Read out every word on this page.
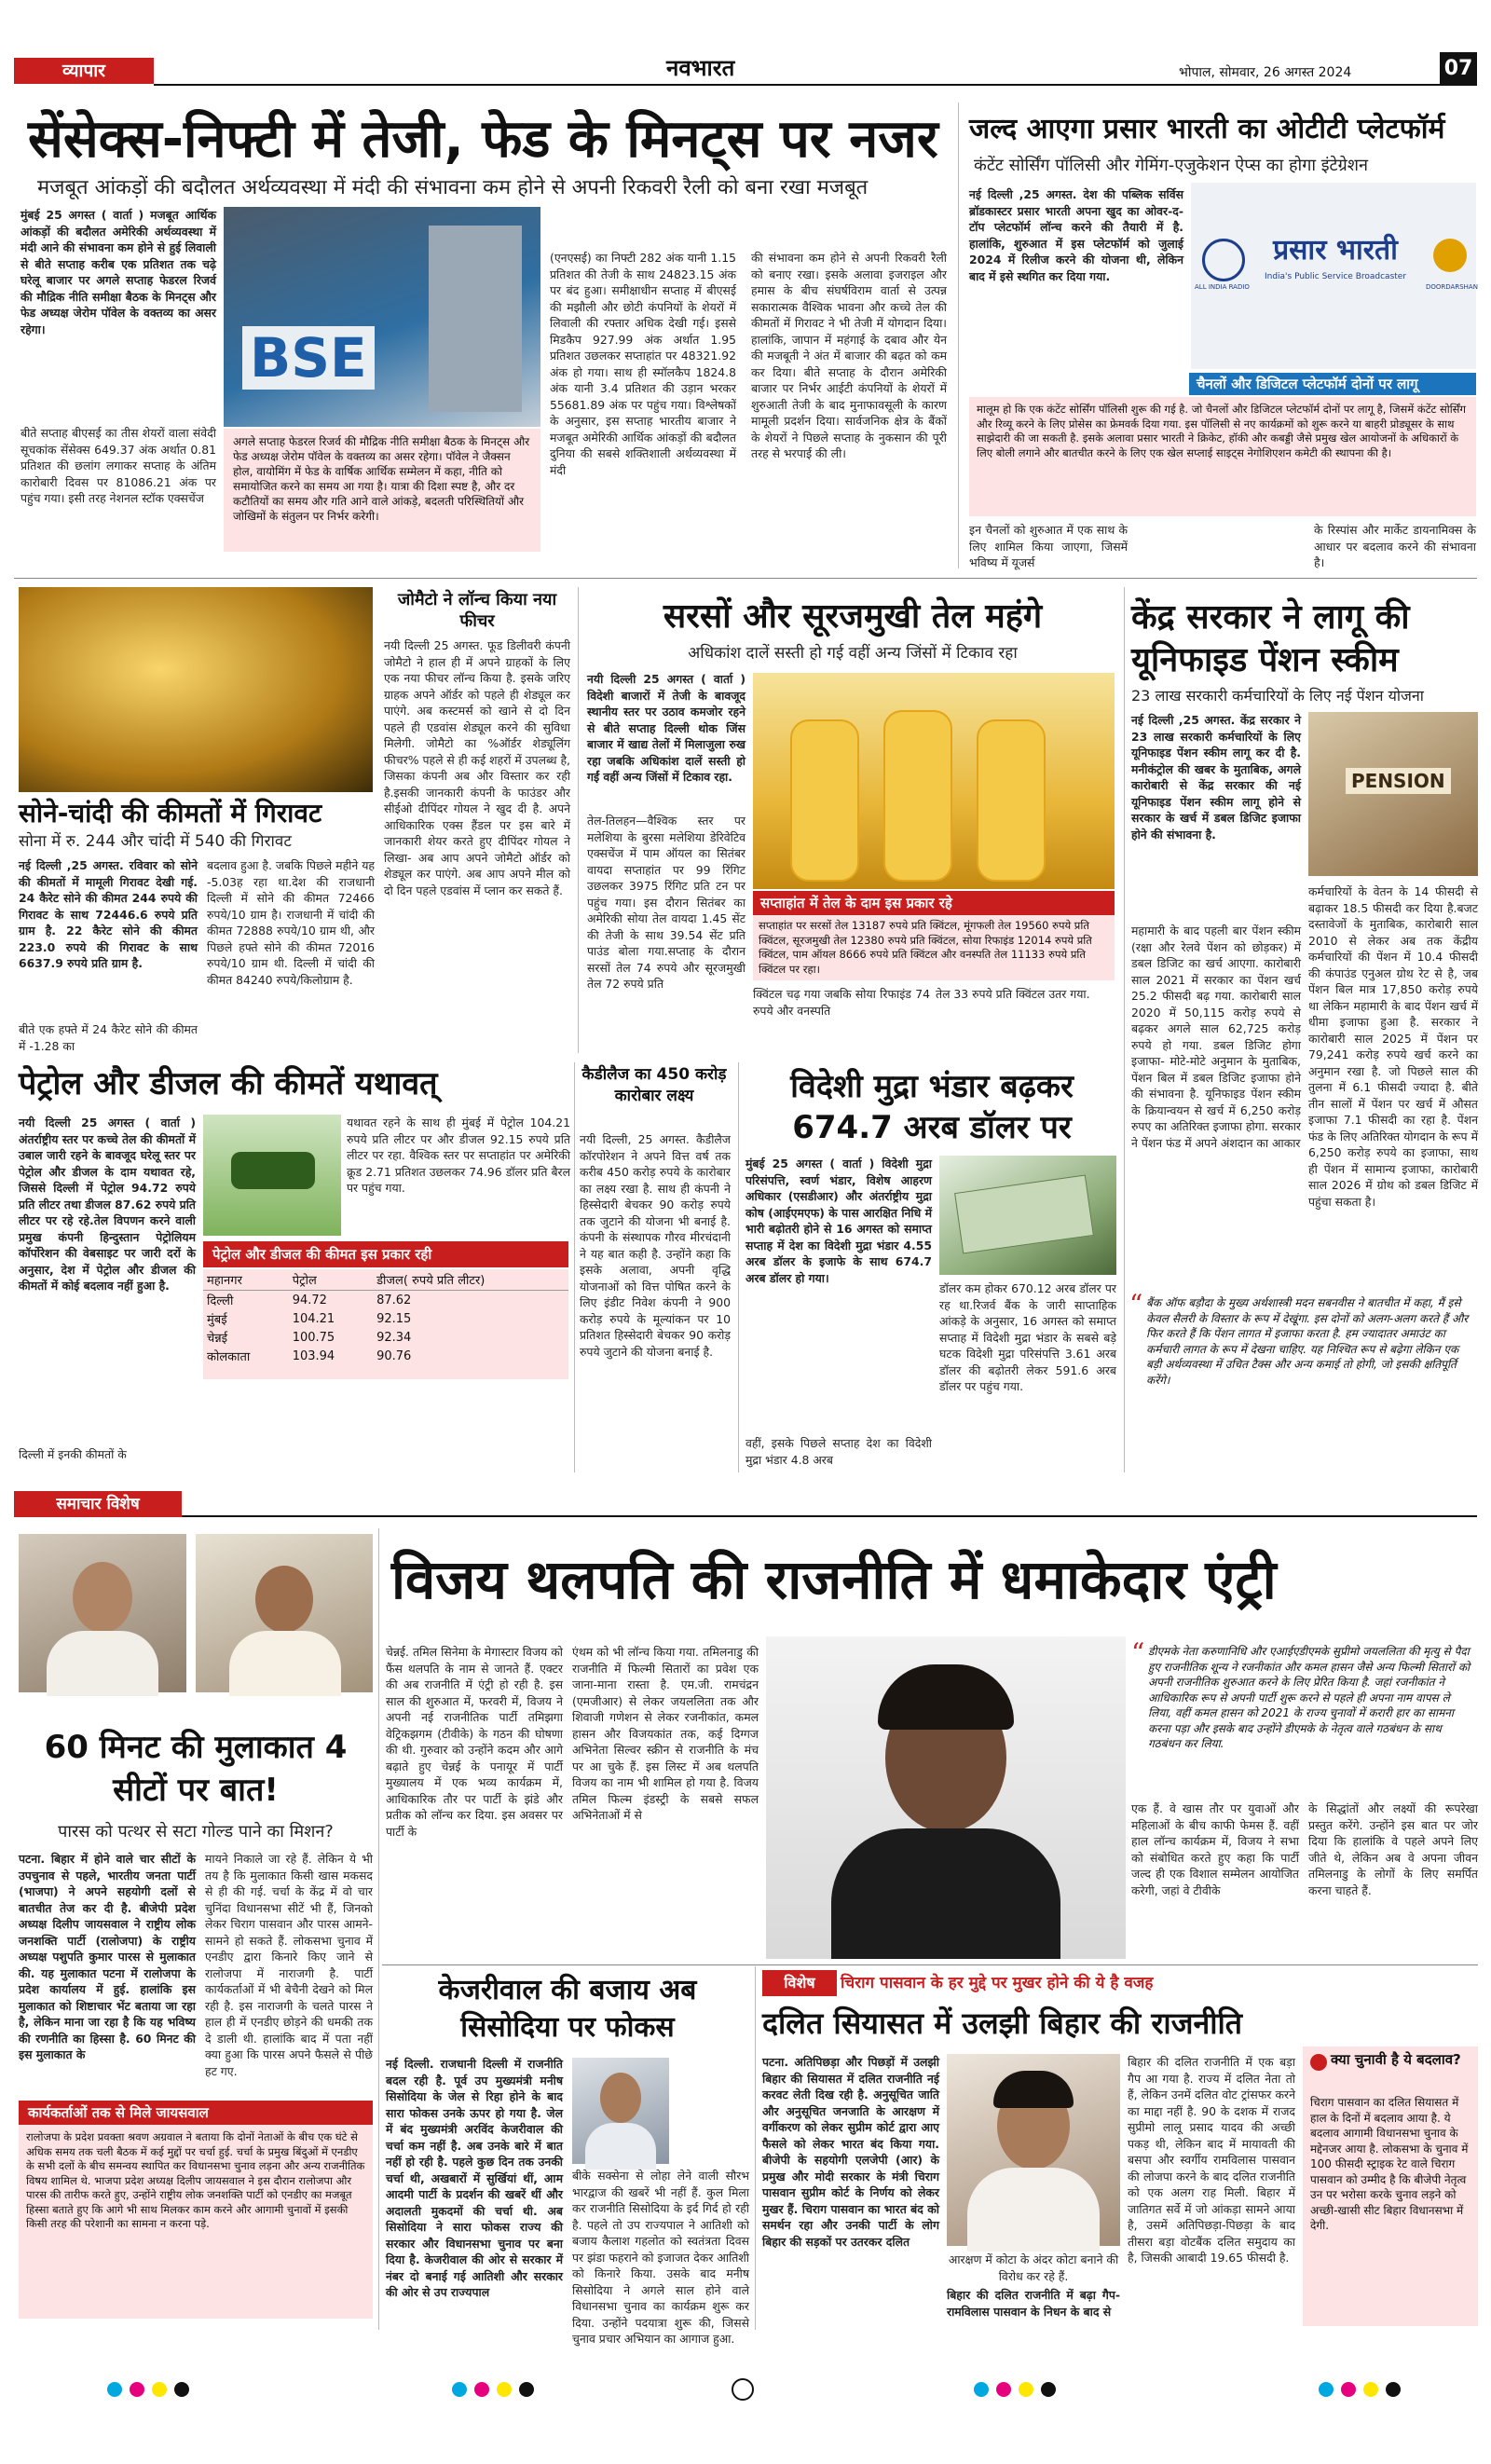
व्यापार	नवभारत	भोपाल, सोमवार, 26 अगस्त 2024	07
सेंसेक्स-निफ्टी में तेजी, फेड के मिनट्स पर नजर
मजबूत आंकड़ों की बदौलत अर्थव्यवस्था में मंदी की संभावना कम होने से अपनी रिकवरी रैली को बना रखा मजबूत
मुंबई 25 अगस्त ( वार्ता ) मजबूत आर्थिक आंकड़ों की बदौलत अमेरिकी अर्थव्यवस्था में मंदी आने की संभावना कम होने से हुई लिवाली से बीते सप्ताह करीब एक प्रतिशत तक चढ़े घरेलू बाजार पर अगले सप्ताह फेडरल रिजर्व की मौद्रिक नीति समीक्षा बैठक के मिनट्स और फेड अध्यक्ष जेरोम पॉवेल के वक्तव्य का असर रहेगा।
बीते सप्ताह बीएसई का तीस शेयरों वाला संवेदी सूचकांक सेंसेक्स 649.37 अंक अर्थात 0.81 प्रतिशत की छलांग लगाकर सप्ताह के अंतिम कारोबारी दिवस पर 81086.21 अंक पर पहुंच गया। इसी तरह नेशनल स्टॉक एक्सचेंज
BSE
अगले सप्ताह फेडरल रिजर्व की मौद्रिक नीति समीक्षा बैठक के मिनट्स और फेड अध्यक्ष जेरोम पॉवेल के वक्तव्य का असर रहेगा। पॉवेल ने जैक्सन होल, वायोमिंग में फेड के वार्षिक आर्थिक सम्मेलन में कहा, नीति को समायोजित करने का समय आ गया है। यात्रा की दिशा स्पष्ट है, और दर कटौतियों का समय और गति आने वाले आंकड़े, बदलती परिस्थितियों और जोखिमों के संतुलन पर निर्भर करेगी।
(एनएसई) का निफ्टी 282 अंक यानी 1.15 प्रतिशत की तेजी के साथ 24823.15 अंक पर बंद हुआ। समीक्षाधीन सप्ताह में बीएसई की मझौली और छोटी कंपनियों के शेयरों में लिवाली की रफ्तार अधिक देखी गई। इससे मिडकैप 927.99 अंक अर्थात 1.95 प्रतिशत उछलकर सप्ताहांत पर 48321.92 अंक हो गया। साथ ही स्मॉलकैप 1824.8 अंक यानी 3.4 प्रतिशत की उड़ान भरकर 55681.89 अंक पर पहुंच गया। विश्लेषकों के अनुसार, इस सप्ताह भारतीय बाजार ने मजबूत अमेरिकी आर्थिक आंकड़ों की बदौलत दुनिया की सबसे शक्तिशाली अर्थव्यवस्था में मंदी
की संभावना कम होने से अपनी रिकवरी रैली को बनाए रखा। इसके अलावा इजराइल और हमास के बीच संघर्षविराम वार्ता से उत्पन्न सकारात्मक वैश्विक भावना और कच्चे तेल की कीमतों में गिरावट ने भी तेजी में योगदान दिया। हालांकि, जापान में महंगाई के दबाव और येन की मजबूती ने अंत में बाजार की बढ़त को कम कर दिया। बीते सप्ताह के दौरान अमेरिकी बाजार पर निर्भर आईटी कंपनियों के शेयरों में शुरुआती तेजी के बाद मुनाफावसूली के कारण मामूली प्रदर्शन दिया। सार्वजनिक क्षेत्र के बैंकों के शेयरों ने पिछले सप्ताह के नुकसान की पूरी तरह से भरपाई की ली।
जल्द आएगा प्रसार भारती का ओटीटी प्लेटफॉर्म
कंटेंट सोर्सिंग पॉलिसी और गेमिंग-एजुकेशन ऐप्स का होगा इंटेग्रेशन
नई दिल्ली ,25 अगस्त. देश की पब्लिक सर्विस ब्रॉडकास्टर प्रसार भारती अपना खुद का ओवर-द-टॉप प्लेटफॉर्म लॉन्च करने की तैयारी में है. हालांकि, शुरुआत में इस प्लेटफॉर्म को जुलाई 2024 में रिलीज करने की योजना थी, लेकिन बाद में इसे स्थगित कर दिया गया.
ALL INDIA RADIO
प्रसार भारती
India's Public Service Broadcaster
DOORDARSHAN
चैनलों और डिजिटल प्लेटफॉर्म दोनों पर लागू
मालूम हो कि एक कंटेंट सोर्सिंग पॉलिसी शुरू की गई है. जो चैनलों और डिजिटल प्लेटफॉर्म दोनों पर लागू है, जिसमें कंटेंट सोर्सिंग और रिव्यू करने के लिए प्रोसेस का फ्रेमवर्क दिया गया. इस पॉलिसी से नए कार्यक्रमों को शुरू करने या बाहरी प्रोड्यूसर के साथ साझेदारी की जा सकती है. इसके अलावा प्रसार भारती ने क्रिकेट, हॉकी और कबड्डी जैसे प्रमुख खेल आयोजनों के अधिकारों के लिए बोली लगाने और बातचीत करने के लिए एक खेल सप्लाई साइट्स नेगोशिएशन कमेटी की स्थापना की है।
इन चैनलों को शुरुआत में एक साथ के लिए शामिल किया जाएगा, जिसमें भविष्य में यूजर्स
के रिस्पांस और मार्केट डायनामिक्स के आधार पर बदलाव करने की संभावना है।
सोने-चांदी की कीमतों में गिरावट
सोना में रु. 244 और चांदी में 540 की गिरावट
नई दिल्ली ,25 अगस्त. रविवार को सोने की कीमतों में मामूली गिरावट देखी गई. 24 कैरेट सोने की कीमत 244 रुपये की गिरावट के साथ 72446.6 रुपये प्रति ग्राम है. 22 कैरेट सोने की कीमत 223.0 रुपये की गिरावट के साथ 6637.9 रुपये प्रति ग्राम है.
बीते एक हफ्ते में 24 कैरेट सोने की कीमत में -1.28 का
बदलाव हुआ है. जबकि पिछले महीने यह -5.03ह रहा था.देश की राजधानी दिल्ली में सोने की कीमत 72466 रुपये/10 ग्राम है। राजधानी में चांदी की कीमत 72888 रुपये/10 ग्राम थी, और पिछले हफ्ते सोने की कीमत 72016 रुपये/10 ग्राम थी. दिल्ली में चांदी की कीमत 84240 रुपये/किलोग्राम है.
जोमैटो ने लॉन्च किया नया फीचर
नयी दिल्ली 25 अगस्त. फूड डिलीवरी कंपनी जोमैटो ने हाल ही में अपने ग्राहकों के लिए एक नया फीचर लॉन्च किया है. इसके जरिए ग्राहक अपने ऑर्डर को पहले ही शेड्यूल कर पाएंगे. अब कस्टमर्स को खाने से दो दिन पहले ही एडवांस शेड्यूल करने की सुविधा मिलेगी. जोमैटो का %ऑर्डर शेड्यूलिंग फीचर% पहले से ही कई शहरों में उपलब्ध है, जिसका कंपनी अब और विस्तार कर रही है.इसकी जानकारी कंपनी के फाउंडर और सीईओ दीपिंदर गोयल ने खुद दी है. अपने आधिकारिक एक्स हैंडल पर इस बारे में जानकारी शेयर करते हुए दीपिंदर गोयल ने लिखा- अब आप अपने जोमैटो ऑर्डर को शेड्यूल कर पाएंगे. अब आप अपने मील को दो दिन पहले एडवांस में प्लान कर सकते हैं.
सरसों और सूरजमुखी तेल महंगे
अधिकांश दालें सस्ती हो गई वहीं अन्य जिंसों में टिकाव रहा
नयी दिल्ली 25 अगस्त ( वार्ता ) विदेशी बाजारों में तेजी के बावजूद स्थानीय स्तर पर उठाव कमजोर रहने से बीते सप्ताह दिल्ली थोक जिंस बाजार में खाद्य तेलों में मिलाजुला रुख रहा जबकि अधिकांश दालें सस्ती हो गईं वहीं अन्य जिंसों में टिकाव रहा.
तेल-तिलहन—वैश्विक स्तर पर मलेशिया के बुरसा मलेशिया डेरिवेटिव एक्सचेंज में पाम ऑयल का सितंबर वायदा सप्ताहांत पर 99 रिंगिट उछलकर 3975 रिंगिट प्रति टन पर पहुंच गया। इस दौरान सितंबर का अमेरिकी सोया तेल वायदा 1.45 सेंट की तेजी के साथ 39.54 सेंट प्रति पाउंड बोला गया.सप्ताह के दौरान सरसों तेल 74 रुपये और सूरजमुखी तेल 72 रुपये प्रति
सप्ताहांत में तेल के दाम इस प्रकार रहे
सप्ताहांत पर सरसों तेल 13187 रुपये प्रति क्विंटल, मूंगफली तेल 19560 रुपये प्रति क्विंटल, सूरजमुखी तेल 12380 रुपये प्रति क्विंटल, सोया रिफाइंड 12014 रुपये प्रति क्विंटल, पाम ऑयल 8666 रुपये प्रति क्विंटल और वनस्पति तेल 11133 रुपये प्रति क्विंटल पर रहा।
क्विंटल चढ़ गया जबकि सोया रिफाइंड 74 रुपये और वनस्पति
तेल 33 रुपये प्रति क्विंटल उतर गया.
केंद्र सरकार ने लागू की यूनिफाइड पेंशन स्कीम
23 लाख सरकारी कर्मचारियों के लिए नई पेंशन योजना
नई दिल्ली ,25 अगस्त. केंद्र सरकार ने 23 लाख सरकारी कर्मचारियों के लिए यूनिफाइड पेंशन स्कीम लागू कर दी है. मनीकंट्रोल की खबर के मुताबिक, अगले कारोबारी से केंद्र सरकार की नई यूनिफाइड पेंशन स्कीम लागू होने से सरकार के खर्च में डबल डिजिट इजाफा होने की संभावना है.
PENSION
महामारी के बाद पहली बार पेंशन स्कीम (रक्षा और रेलवे पेंशन को छोड़कर) में डबल डिजिट का खर्च आएगा. कारोबारी साल 2021 में सरकार का पेंशन खर्च 25.2 फीसदी बढ़ गया. कारोबारी साल 2020 में 50,115 करोड़ रुपये से बढ़कर अगले साल 62,725 करोड़ रुपये हो गया. डबल डिजिट होगा इजाफा- मोटे-मोटे अनुमान के मुताबिक, पेंशन बिल में डबल डिजिट इजाफा होने की संभावना है. यूनिफाइड पेंशन स्कीम के क्रियान्वयन से खर्च में 6,250 करोड़ रुपए का अतिरिक्त इजाफा होगा. सरकार ने पेंशन फंड में अपने अंशदान का आकार
कर्मचारियों के वेतन के 14 फीसदी से बढ़ाकर 18.5 फीसदी कर दिया है.बजट दस्तावेजों के मुताबिक, कारोबारी साल 2010 से लेकर अब तक केंद्रीय कर्मचारियों की पेंशन में 10.4 फीसदी की कंपाउंड एनुअल ग्रोथ रेट से है, जब पेंशन बिल मात्र 17,850 करोड़ रुपये था लेकिन महामारी के बाद पेंशन खर्च में धीमा इजाफा हुआ है. सरकार ने कारोबारी साल 2025 में पेंशन पर 79,241 करोड़ रुपये खर्च करने का अनुमान रखा है. जो पिछले साल की तुलना में 6.1 फीसदी ज्यादा है. बीते तीन सालों में पेंशन पर खर्च में औसत इजाफा 7.1 फीसदी का रहा है. पेंशन फंड के लिए अतिरिक्त योगदान के रूप में 6,250 करोड़ रुपये का इजाफा, साथ ही पेंशन में सामान्य इजाफा, कारोबारी साल 2026 में ग्रोथ को डबल डिजिट में पहुंचा सकता है।
“ बैंक ऑफ बड़ौदा के मुख्य अर्थशास्त्री मदन सबनवीस ने बातचीत में कहा, मैं इसे केवल सैलरी के विस्तार के रूप में देखूंगा. इस दोनों को अलग-अलग करते हैं और फिर करते हैं कि पेंशन लागत में इजाफा करता है. हम ज्यादातर अमाउंट का कर्मचारी लागत के रूप में देखना चाहिए. यह निश्चित रूप से बढ़ेगा लेकिन एक बड़ी अर्थव्यवस्था में उचित टैक्स और अन्य कमाई तो होगी, जो इसकी क्षतिपूर्ति करेंगे।
पेट्रोल और डीजल की कीमतें यथावत्
नयी दिल्ली 25 अगस्त ( वार्ता ) अंतर्राष्ट्रीय स्तर पर कच्चे तेल की कीमतों में उबाल जारी रहने के बावजूद घरेलू स्तर पर पेट्रोल और डीजल के दाम यथावत रहे, जिससे दिल्ली में पेट्रोल 94.72 रुपये प्रति लीटर तथा डीजल 87.62 रुपये प्रति लीटर पर रहे रहे.तेल विपणन करने वाली प्रमुख कंपनी हिन्दुस्तान पेट्रोलियम कॉर्पोरेशन की वेबसाइट पर जारी दरों के अनुसार, देश में पेट्रोल और डीजल की कीमतों में कोई बदलाव नहीं हुआ है.
दिल्ली में इनकी कीमतों के
यथावत रहने के साथ ही मुंबई में पेट्रोल 104.21 रुपये प्रति लीटर पर और डीजल 92.15 रुपये प्रति लीटर पर रहा. वैश्विक स्तर पर सप्ताहांत पर अमेरिकी क्रूड 2.71 प्रतिशत उछलकर 74.96 डॉलर प्रति बैरल पर पहुंच गया.
पेट्रोल और डीजल की कीमत इस प्रकार रही
महानगर	पेट्रोल	डीजल( रुपये प्रति लीटर)
दिल्ली	94.72	87.62
मुंबई	104.21	92.15
चेन्नई	100.75	92.34
कोलकाता	103.94	90.76
कैडीलैज का 450 करोड़ कारोबार लक्ष्य
नयी दिल्ली, 25 अगस्त. कैडीलैज कॉरपोरेशन ने अपने वित्त वर्ष तक करीब 450 करोड़ रुपये के कारोबार का लक्ष्य रखा है. साथ ही कंपनी ने हिस्सेदारी बेचकर 90 करोड़ रुपये तक जुटाने की योजना भी बनाई है. कंपनी के संस्थापक गौरव मीरचंदानी ने यह बात कही है. उन्होंने कहा कि इसके अलावा, अपनी वृद्धि योजनाओं को वित्त पोषित करने के लिए इंडीट निवेश कंपनी ने 900 करोड़ रुपये के मूल्यांकन पर 10 प्रतिशत हिस्सेदारी बेचकर 90 करोड़ रुपये जुटाने की योजना बनाई है.
विदेशी मुद्रा भंडार बढ़कर 674.7 अरब डॉलर पर
मुंबई 25 अगस्त ( वार्ता ) विदेशी मुद्रा परिसंपत्ति, स्वर्ण भंडार, विशेष आहरण अधिकार (एसडीआर) और अंतर्राष्ट्रीय मुद्रा कोष (आईएमएफ) के पास आरक्षित निधि में भारी बढ़ोतरी होने से 16 अगस्त को समाप्त सप्ताह में देश का विदेशी मुद्रा भंडार 4.55 अरब डॉलर के इजाफे के साथ 674.7 अरब डॉलर हो गया।
वहीं, इसके पिछले सप्ताह देश का विदेशी मुद्रा भंडार 4.8 अरब
डॉलर कम होकर 670.12 अरब डॉलर पर रह था.रिजर्व बैंक के जारी साप्ताहिक आंकड़े के अनुसार, 16 अगस्त को समाप्त सप्ताह में विदेशी मुद्रा भंडार के सबसे बड़े घटक विदेशी मुद्रा परिसंपत्ति 3.61 अरब डॉलर की बढ़ोतरी लेकर 591.6 अरब डॉलर पर पहुंच गया.
समाचार विशेष
विजय थलपति की राजनीति में धमाकेदार एंट्री
चेन्नई. तमिल सिनेमा के मेगास्टार विजय को फैंस थलपति के नाम से जानते हैं. एक्टर की अब राजनीति में एंट्री हो रही है. इस साल की शुरुआत में, फरवरी में, विजय ने अपनी नई राजनीतिक पार्टी तमिझगा वेट्रिकझगम (टीवीके) के गठन की घोषणा की थी. गुरुवार को उन्होंने कदम और आगे बढ़ाते हुए चेन्नई के पनायूर में पार्टी मुख्यालय में एक भव्य कार्यक्रम में, आधिकारिक तौर पर पार्टी के झंडे और प्रतीक को लॉन्च कर दिया. इस अवसर पर पार्टी के
एंथम को भी लॉन्च किया गया. तमिलनाडु की राजनीति में फिल्मी सितारों का प्रवेश एक जाना-माना रास्ता है. एम.जी. रामचंद्रन (एमजीआर) से लेकर जयललिता तक और शिवाजी गणेशन से लेकर रजनीकांत, कमल हासन और विजयकांत तक, कई दिग्गज अभिनेता सिल्वर स्क्रीन से राजनीति के मंच पर आ चुके हैं. इस लिस्ट में अब थलपति विजय का नाम भी शामिल हो गया है. विजय तमिल फिल्म इंडस्ट्री के सबसे सफल अभिनेताओं में से
“ डीएमके नेता करुणानिधि और एआईएडीएमके सुप्रीमो जयललिता की मृत्यु से पैदा हुए राजनीतिक शून्य ने रजनीकांत और कमल हासन जैसे अन्य फिल्मी सितारों को अपनी राजनीतिक शुरुआत करने के लिए प्रेरित किया है. जहां रजनीकांत ने आधिकारिक रूप से अपनी पार्टी शुरू करने से पहले ही अपना नाम वापस ले लिया, वहीं कमल हासन को 2021 के राज्य चुनावों में करारी हार का सामना करना पड़ा और इसके बाद उन्होंने डीएमके के नेतृत्व वाले गठबंधन के साथ गठबंधन कर लिया.
एक हैं. वे खास तौर पर युवाओं और महिलाओं के बीच काफी फेमस हैं. वहीं हाल लॉन्च कार्यक्रम में, विजय ने सभा को संबोधित करते हुए कहा कि पार्टी जल्द ही एक विशाल सम्मेलन आयोजित करेगी, जहां वे टीवीके
के सिद्धांतों और लक्ष्यों की रूपरेखा प्रस्तुत करेंगे. उन्होंने इस बात पर जोर दिया कि हालांकि वे पहले अपने लिए जीते थे, लेकिन अब वे अपना जीवन तमिलनाडु के लोगों के लिए समर्पित करना चाहते हैं.
60 मिनट की मुलाकात 4 सीटों पर बात!
पारस को पत्थर से सटा गोल्ड पाने का मिशन?
पटना. बिहार में होने वाले चार सीटों के उपचुनाव से पहले, भारतीय जनता पार्टी (भाजपा) ने अपने सहयोगी दलों से बातचीत तेज कर दी है. बीजेपी प्रदेश अध्यक्ष दिलीप जायसवाल ने राष्ट्रीय लोक जनशक्ति पार्टी (रालोजपा) के राष्ट्रीय अध्यक्ष पशुपति कुमार पारस से मुलाकात की. यह मुलाकात पटना में रालोजपा के प्रदेश कार्यालय में हुई. हालांकि इस मुलाकात को शिष्टाचार भेंट बताया जा रहा है, लेकिन माना जा रहा है कि यह भविष्य की रणनीति का हिस्सा है. 60 मिनट की इस मुलाकात के
मायने निकाले जा रहे हैं. लेकिन ये भी तय है कि मुलाकात किसी खास मकसद से ही की गई. चर्चा के केंद्र में वो चार चुनिंदा विधानसभा सीटें भी हैं, जिनको लेकर चिराग पासवान और पारस आमने-सामने हो सकते हैं. लोकसभा चुनाव में एनडीए द्वारा किनारे किए जाने से रालोजपा में नाराजगी है. पार्टी कार्यकर्ताओं में भी बेचैनी देखने को मिल रही है. इस नाराजगी के चलते पारस ने हाल ही में एनडीए छोड़ने की धमकी तक दे डाली थी. हालांकि बाद में पता नहीं क्या हुआ कि पारस अपने फैसले से पीछे हट गए.
कार्यकर्ताओं तक से मिले जायसवाल
रालोजपा के प्रदेश प्रवक्ता श्रवण अग्रवाल ने बताया कि दोनों नेताओं के बीच एक घंटे से अधिक समय तक चली बैठक में कई मुद्दों पर चर्चा हुई. चर्चा के प्रमुख बिंदुओं में एनडीए के सभी दलों के बीच समन्वय स्थापित कर विधानसभा चुनाव लड़ना और अन्य राजनीतिक विषय शामिल थे. भाजपा प्रदेश अध्यक्ष दिलीप जायसवाल ने इस दौरान रालोजपा और पारस की तारीफ करते हुए, उन्होंने राष्ट्रीय लोक जनशक्ति पार्टी को एनडीए का मजबूत हिस्सा बताते हुए कि आगे भी साथ मिलकर काम करने और आगामी चुनावों में इसकी किसी तरह की परेशानी का सामना न करना पड़े.
केजरीवाल की बजाय अब सिसोदिया पर फोकस
नई दिल्ली. राजधानी दिल्ली में राजनीति बदल रही है. पूर्व उप मुख्यमंत्री मनीष सिसोदिया के जेल से रिहा होने के बाद सारा फोकस उनके ऊपर हो गया है. जेल में बंद मुख्यमंत्री अरविंद केजरीवाल की चर्चा कम नहीं है. अब उनके बारे में बात नहीं हो रही है. पहले कुछ दिन तक उनकी चर्चा थी, अखबारों में सुर्खियां थीं, आम आदमी पार्टी के प्रदर्शन की खबरें थीं और अदालती मुकदमों की चर्चा थी. अब सिसोदिया ने सारा फोकस राज्य की सरकार और विधानसभा चुनाव पर बना दिया है. केजरीवाल की ओर से सरकार में नंबर दो बनाई गई आतिशी और सरकार की ओर से उप राज्यपाल
बीके सक्सेना से लोहा लेने वाली सौरभ भारद्वाज की खबरें भी नहीं हैं. कुल मिला कर राजनीति सिसोदिया के इर्द गिर्द हो रही है. पहले तो उप राज्यपाल ने आतिशी को बजाय कैलाश गहलोत को स्वतंत्रता दिवस पर झंडा फहराने को इजाजत देकर आतिशी को किनारे किया. उसके बाद मनीष सिसोदिया ने अगले साल होने वाले विधानसभा चुनाव का कार्यक्रम शुरू कर दिया. उन्होंने पदयात्रा शुरू की, जिससे चुनाव प्रचार अभियान का आगाज हुआ.
विशेष	चिराग पासवान के हर मुद्दे पर मुखर होने की ये है वजह
दलित सियासत में उलझी बिहार की राजनीति
पटना. अतिपिछड़ा और पिछड़ों में उलझी बिहार की सियासत में दलित राजनीति नई करवट लेती दिख रही है. अनुसूचित जाति और अनुसूचित जनजाति के आरक्षण में वर्गीकरण को लेकर सुप्रीम कोर्ट द्वारा आए फैसले को लेकर भारत बंद किया गया. बीजेपी के सहयोगी एलजेपी (आर) के प्रमुख और मोदी सरकार के मंत्री चिराग पासवान सुप्रीम कोर्ट के निर्णय को लेकर मुखर हैं. चिराग पासवान का भारत बंद को समर्थन रहा और उनकी पार्टी के लोग बिहार की सड़कों पर उतरकर दलित
आरक्षण में कोटा के अंदर कोटा बनाने की विरोध कर रहे हैं.
बिहार की दलित राजनीति में बढ़ा गैप- रामविलास पासवान के निधन के बाद से
बिहार की दलित राजनीति में एक बड़ा गैप आ गया है. राज्य में दलित नेता तो हैं, लेकिन उनमें दलित वोट ट्रांसफर करने का माद्दा नहीं है. 90 के दशक में राजद सुप्रीमो लालू प्रसाद यादव की अच्छी पकड़ थी, लेकिन बाद में मायावती की बसपा और स्वर्गीय रामविलास पासवान की लोजपा करने के बाद दलित राजनीति को एक अलग राह मिली. बिहार में जातिगत सर्वे में जो आंकड़ा सामने आया है, उसमें अतिपिछड़ा-पिछड़ा के बाद तीसरा बड़ा वोटबैंक दलित समुदाय का है, जिसकी आबादी 19.65 फीसदी है.
क्या चुनावी है ये बदलाव?
चिराग पासवान का दलित सियासत में हाल के दिनों में बदलाव आया है. ये बदलाव आगामी विधानसभा चुनाव के मद्देनजर आया है. लोकसभा के चुनाव में 100 फीसदी स्ट्राइक रेट वाले चिराग पासवान को उम्मीद है कि बीजेपी नेतृत्व उन पर भरोसा करके चुनाव लड़ने को अच्छी-खासी सीट बिहार विधानसभा में देगी.
